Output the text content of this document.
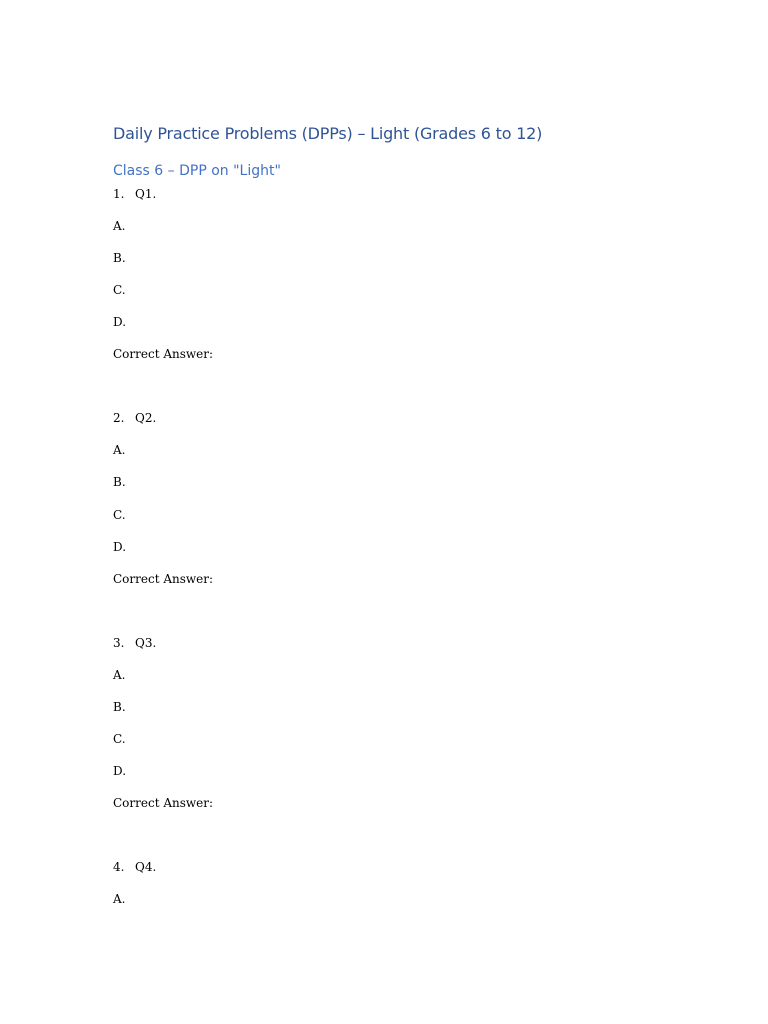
Daily Practice Problems (DPPs) – Light (Grades 6 to 12)
Class 6 – DPP on "Light"
1. Q1.
A.
B.
C.
D.
Correct Answer:
2. Q2.
A.
B.
C.
D.
Correct Answer:
3. Q3.
A.
B.
C.
D.
Correct Answer:
4. Q4.
A.
